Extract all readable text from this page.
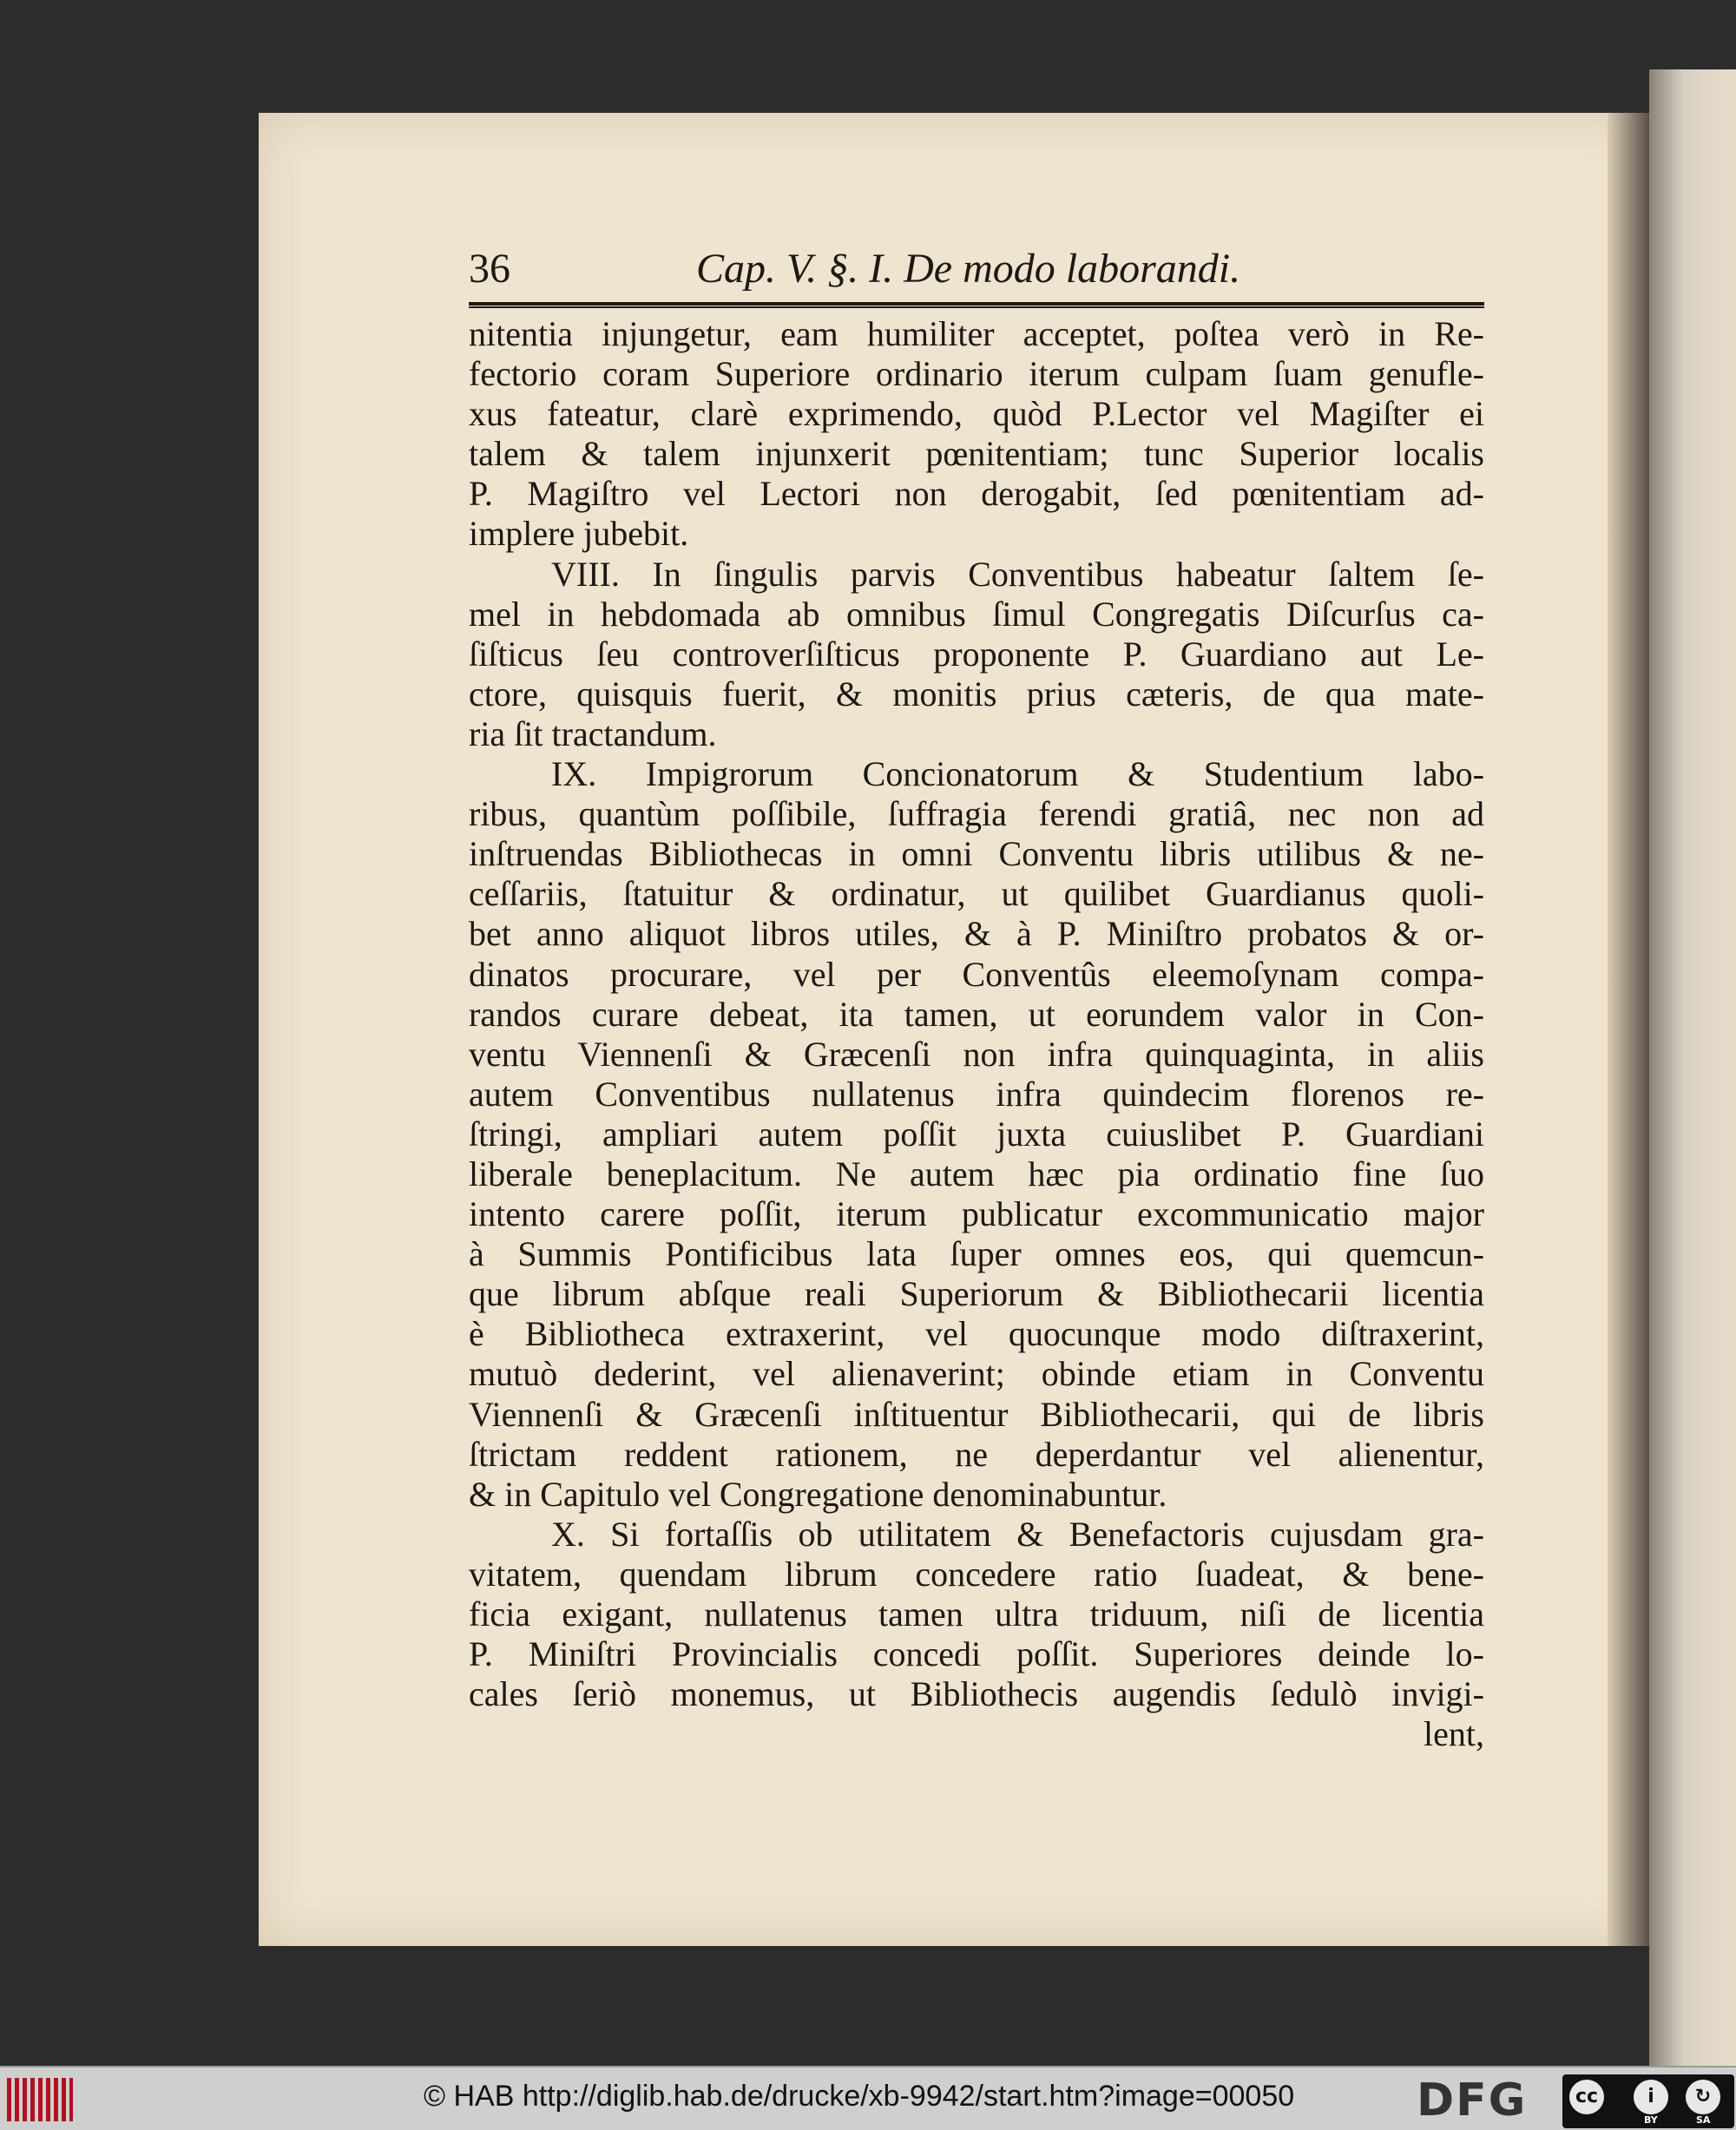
36	Cap. V. §. I. De modo laborandi.
nitentia injungetur, eam humiliter acceptet, poſtea verò in Re-
fectorio coram Superiore ordinario iterum culpam ſuam genufle-
xus fateatur, clarè exprimendo, quòd P.Lector vel Magiſter ei
talem & talem injunxerit pœnitentiam; tunc Superior localis
P. Magiſtro vel Lectori non derogabit, ſed pœnitentiam ad-
implere jubebit.
VIII. In ſingulis parvis Conventibus habeatur ſaltem ſe-
mel in hebdomada ab omnibus ſimul Congregatis Diſcurſus ca-
ſiſticus ſeu controverſiſticus proponente P. Guardiano aut Le-
ctore, quisquis fuerit, & monitis prius cæteris, de qua mate-
ria ſit tractandum.
IX. Impigrorum Concionatorum & Studentium labo-
ribus, quantùm poſſibile, ſuffragia ferendi gratiâ, nec non ad
inſtruendas Bibliothecas in omni Conventu libris utilibus & ne-
ceſſariis, ſtatuitur & ordinatur, ut quilibet Guardianus quoli-
bet anno aliquot libros utiles, & à P. Miniſtro probatos & or-
dinatos procurare, vel per Conventûs eleemoſynam compa-
randos curare debeat, ita tamen, ut eorundem valor in Con-
ventu Viennenſi & Græcenſi non infra quinquaginta, in aliis
autem Conventibus nullatenus infra quindecim florenos re-
ſtringi, ampliari autem poſſit juxta cuiuslibet P. Guardiani
liberale beneplacitum. Ne autem hæc pia ordinatio fine ſuo
intento carere poſſit, iterum publicatur excommunicatio major
à Summis Pontificibus lata ſuper omnes eos, qui quemcun-
que librum abſque reali Superiorum & Bibliothecarii licentia
è Bibliotheca extraxerint, vel quocunque modo diſtraxerint,
mutuò dederint, vel alienaverint; obinde etiam in Conventu
Viennenſi & Græcenſi inſtituentur Bibliothecarii, qui de libris
ſtrictam reddent rationem, ne deperdantur vel alienentur,
& in Capitulo vel Congregatione denominabuntur.
X. Si fortaſſis ob utilitatem & Benefactoris cujusdam gra-
vitatem, quendam librum concedere ratio ſuadeat, & bene-
ficia exigant, nullatenus tamen ultra triduum, niſi de licentia
P. Miniſtri Provincialis concedi poſſit. Superiores deinde lo-
cales ſeriò monemus, ut Bibliothecis augendis ſedulò invigi-
lent,
© HAB http://diglib.hab.de/drucke/xb-9942/start.htm?image=00050	DFG	cc	i	↻
BY	SA
